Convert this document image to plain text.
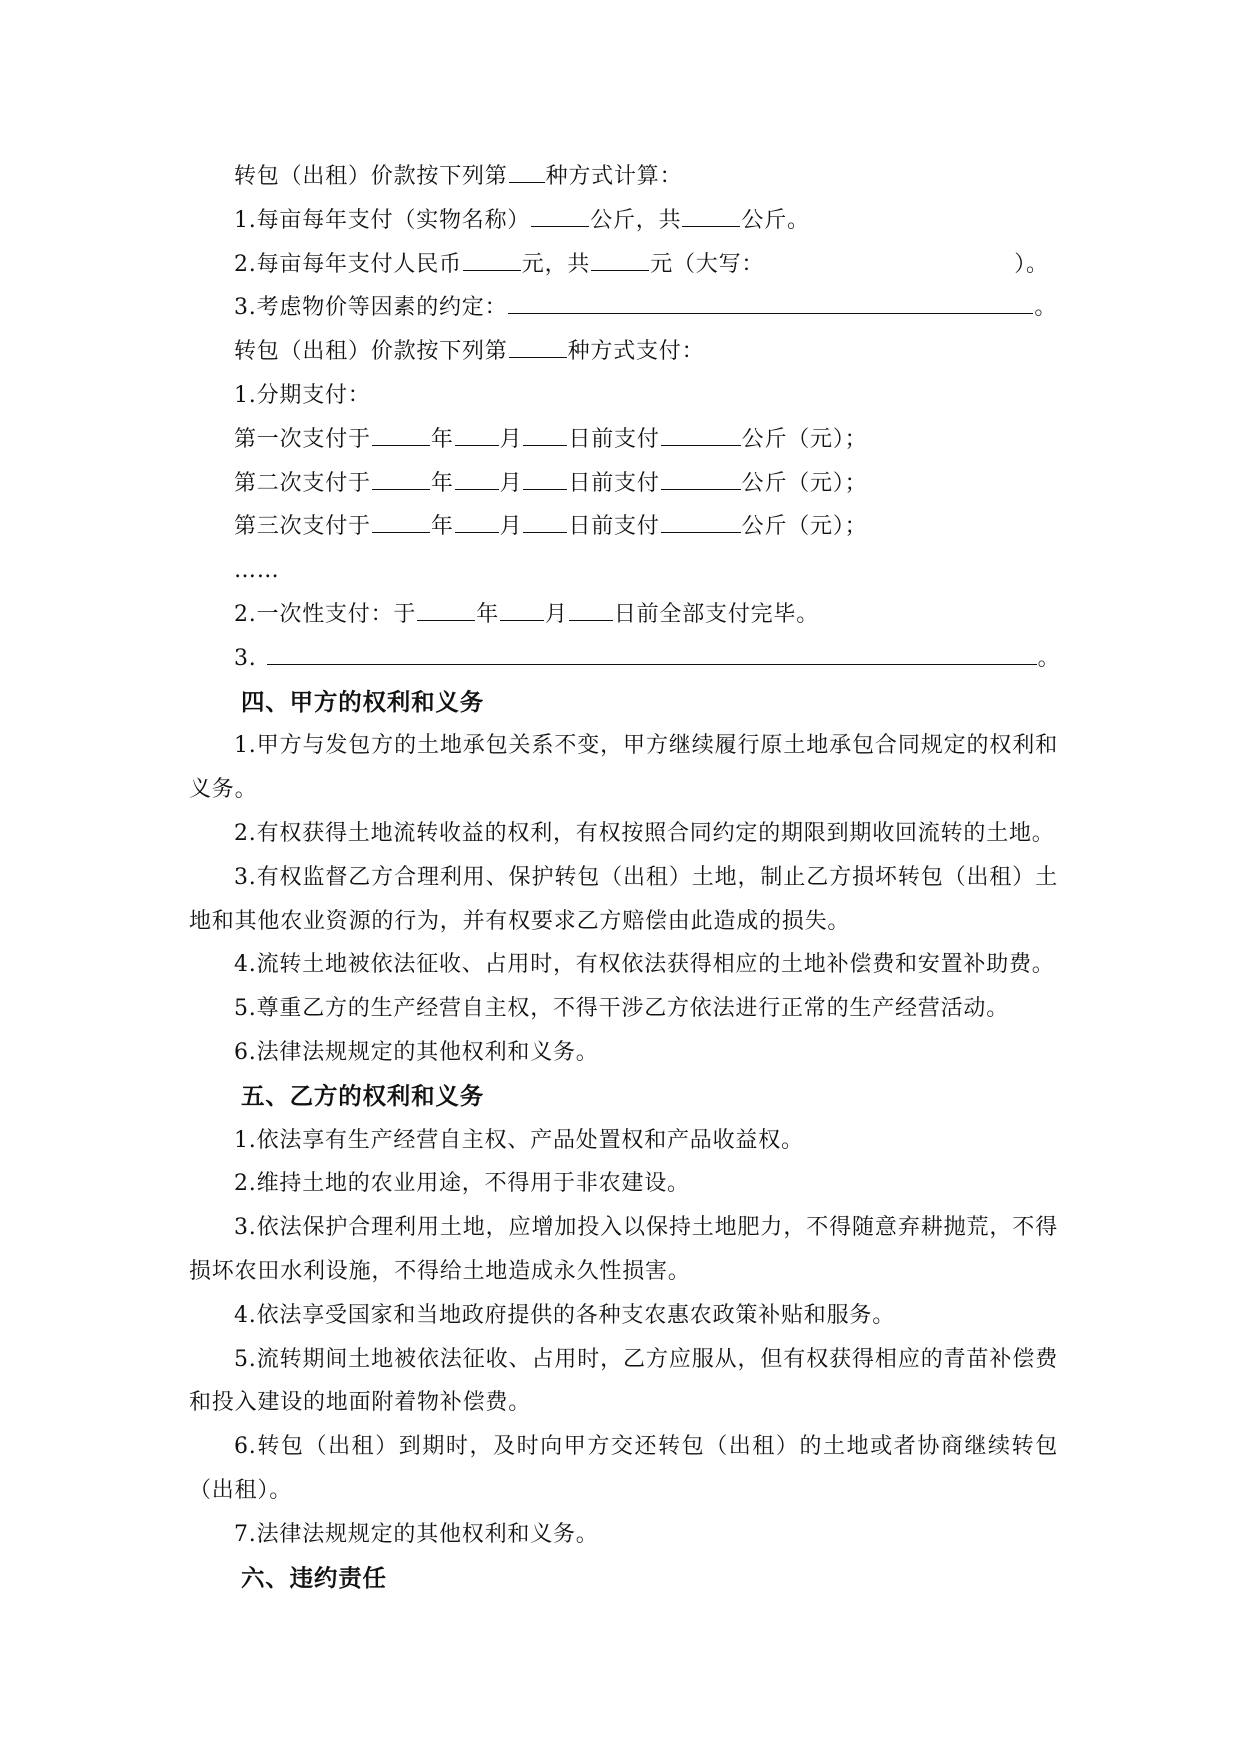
转包（出租）价款按下列第 种方式计算：
1.每亩每年支付（实物名称）	公斤，共	公斤。
2.每亩每年支付人民币	元，共	元（大写：	）。
3.考虑物价等因素的约定：	。
转包（出租）价款按下列第	种方式支付：
1.分期支付：
第一次支付于	年 月 日前支付	公斤（元）；
第二次支付于	年 月 日前支付	公斤（元）；
第三次支付于	年 月 日前支付	公斤（元）；
……
2.一次性支付：于	年 月 日前全部支付完毕。
3.	。
四、甲方的权利和义务
1.甲方与发包方的土地承包关系不变，甲方继续履行原土地承包合同规定的权利和义务。
2.有权获得土地流转收益的权利，有权按照合同约定的期限到期收回流转的土地。
3.有权监督乙方合理利用、保护转包（出租）土地，制止乙方损坏转包（出租）土地和其他农业资源的行为，并有权要求乙方赔偿由此造成的损失。
4.流转土地被依法征收、占用时，有权依法获得相应的土地补偿费和安置补助费。
5.尊重乙方的生产经营自主权，不得干涉乙方依法进行正常的生产经营活动。
6.法律法规规定的其他权利和义务。
五、乙方的权利和义务
1.依法享有生产经营自主权、产品处置权和产品收益权。
2.维持土地的农业用途，不得用于非农建设。
3.依法保护合理利用土地，应增加投入以保持土地肥力，不得随意弃耕抛荒，不得损坏农田水利设施，不得给土地造成永久性损害。
4.依法享受国家和当地政府提供的各种支农惠农政策补贴和服务。
5.流转期间土地被依法征收、占用时，乙方应服从，但有权获得相应的青苗补偿费和投入建设的地面附着物补偿费。
6.转包（出租）到期时，及时向甲方交还转包（出租）的土地或者协商继续转包（出租）。
7.法律法规规定的其他权利和义务。
六、违约责任
